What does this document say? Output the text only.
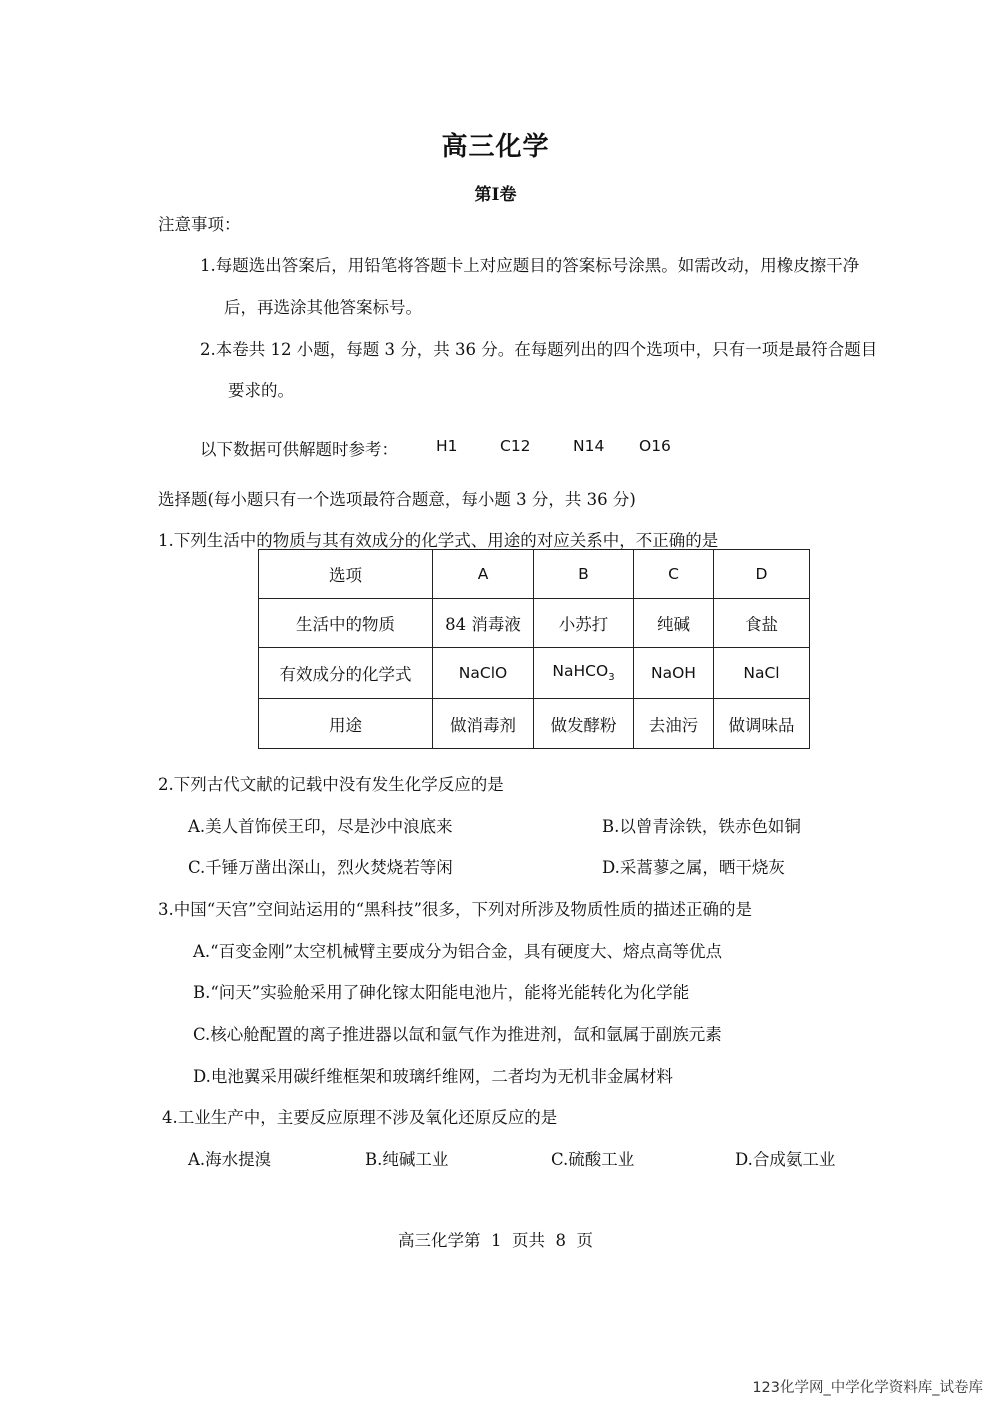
高三化学
第Ⅰ卷
注意事项：
1.每题选出答案后，用铅笔将答题卡上对应题目的答案标号涂黑。如需改动，用橡皮擦干净
后，再选涂其他答案标号。
2.本卷共 12 小题，每题 3 分，共 36 分。在每题列出的四个选项中，只有一项是最符合题目
要求的。
以下数据可供解题时参考： H1	C12	N14 O16
选择题(每小题只有一个选项最符合题意，每小题 3 分，共 36 分)
1.下列生活中的物质与其有效成分的化学式、用途的对应关系中，不正确的是
选项	A	B	C	D
生活中的物质	84 消毒液	小苏打	纯碱	食盐
有效成分的化学式	NaClO	NaHCO$_3$	NaOH	NaCl
用途	做消毒剂	做发酵粉	去油污	做调味品
2.下列古代文献的记载中没有发生化学反应的是
A.美人首饰侯王印，尽是沙中浪底来	B.以曾青涂铁，铁赤色如铜
C.千锤万凿出深山，烈火焚烧若等闲	D.采蒿蓼之属，晒干烧灰
3.中国“天宫”空间站运用的“黑科技”很多，下列对所涉及物质性质的描述正确的是
A.“百变金刚”太空机械臂主要成分为铝合金，具有硬度大、熔点高等优点
B.“问天”实验舱采用了砷化镓太阳能电池片，能将光能转化为化学能
C.核心舱配置的离子推进器以氙和氩气作为推进剂，氙和氩属于副族元素
D.电池翼采用碳纤维框架和玻璃纤维网，二者均为无机非金属材料
4.工业生产中，主要反应原理不涉及氧化还原反应的是
A.海水提溴	B.纯碱工业	C.硫酸工业	D.合成氨工业
高三化学第  1  页共  8  页
123化学网_中学化学资料库_试卷库
